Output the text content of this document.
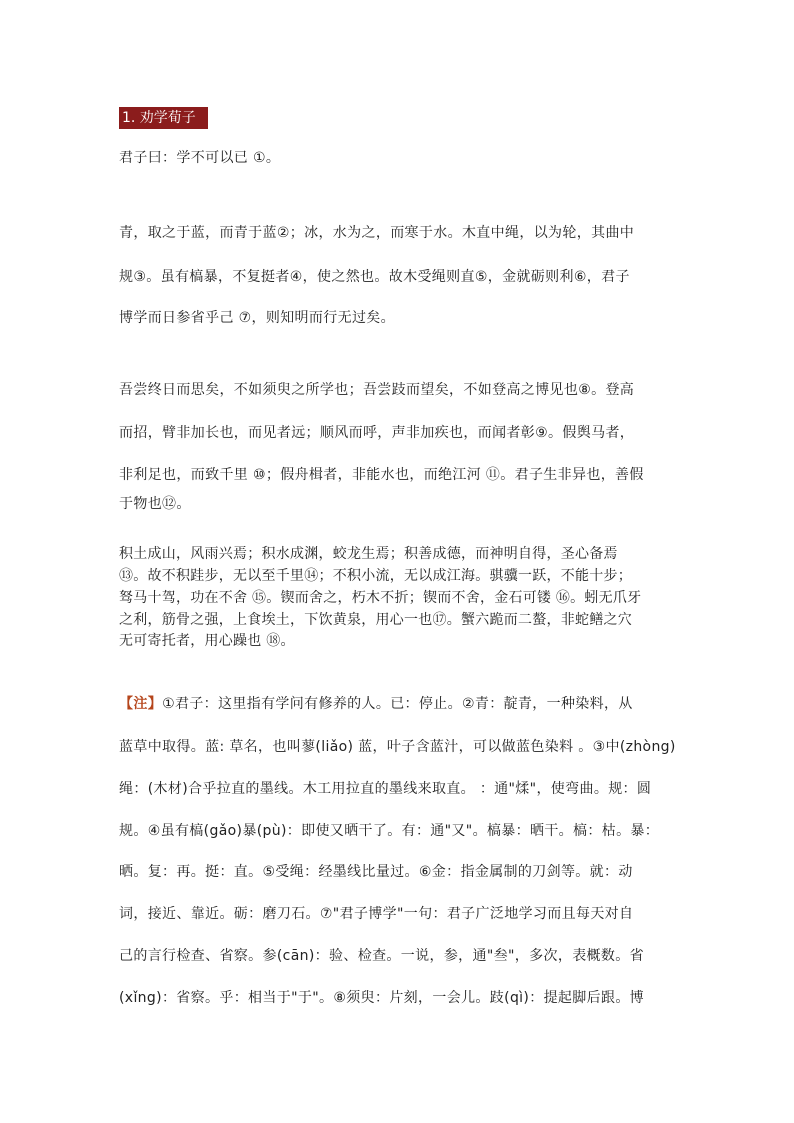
1. 劝学荀子
君子曰：学不可以已 ①。
青，取之于蓝，而青于蓝②；冰，水为之，而寒于水。木直中绳，以为轮，其曲中
规③。虽有槁暴，不复挺者④，使之然也。故木受绳则直⑤，金就砺则利⑥，君子
博学而日参省乎己 ⑦，则知明而行无过矣。
吾尝终日而思矣，不如须臾之所学也；吾尝跂而望矣，不如登高之博见也⑧。登高
而招，臂非加长也，而见者远；顺风而呼，声非加疾也，而闻者彰⑨。假舆马者，
非利足也，而致千里 ⑩；假舟楫者，非能水也，而绝江河 ⑪。君子生非异也，善假
于物也⑫。
积土成山，风雨兴焉；积水成渊，蛟龙生焉；积善成德，而神明自得，圣心备焉
⑬。故不积跬步，无以至千里⑭；不积小流，无以成江海。骐骥一跃，不能十步；
驽马十驾，功在不舍 ⑮。锲而舍之，朽木不折；锲而不舍，金石可镂 ⑯。蚓无爪牙
之利，筋骨之强，上食埃土，下饮黄泉，用心一也⑰。蟹六跪而二螯，非蛇鳝之穴
无可寄托者，用心躁也 ⑱。
【注】①君子：这里指有学问有修养的人。已：停止。②青：靛青，一种染料，从
蓝草中取得。蓝: 草名，也叫蓼(liǎo) 蓝，叶子含蓝汁，可以做蓝色染料 。③中(zhòng)
绳：(木材)合乎拉直的墨线。木工用拉直的墨线来取直。 ：通"煣"，使弯曲。规：圆
规。④虽有槁(gǎo)暴(pù)：即使又晒干了。有：通"又"。槁暴：晒干。槁：枯。暴：
晒。复：再。挺：直。⑤受绳：经墨线比量过。⑥金：指金属制的刀剑等。就：动
词，接近、靠近。砺：磨刀石。⑦"君子博学"一句：君子广泛地学习而且每天对自
己的言行检查、省察。参(cān)：验、检查。一说，参，通"叁"，多次，表概数。省
(xǐng)：省察。乎：相当于"于"。⑧须臾：片刻，一会儿。跂(qì)：提起脚后跟。博
